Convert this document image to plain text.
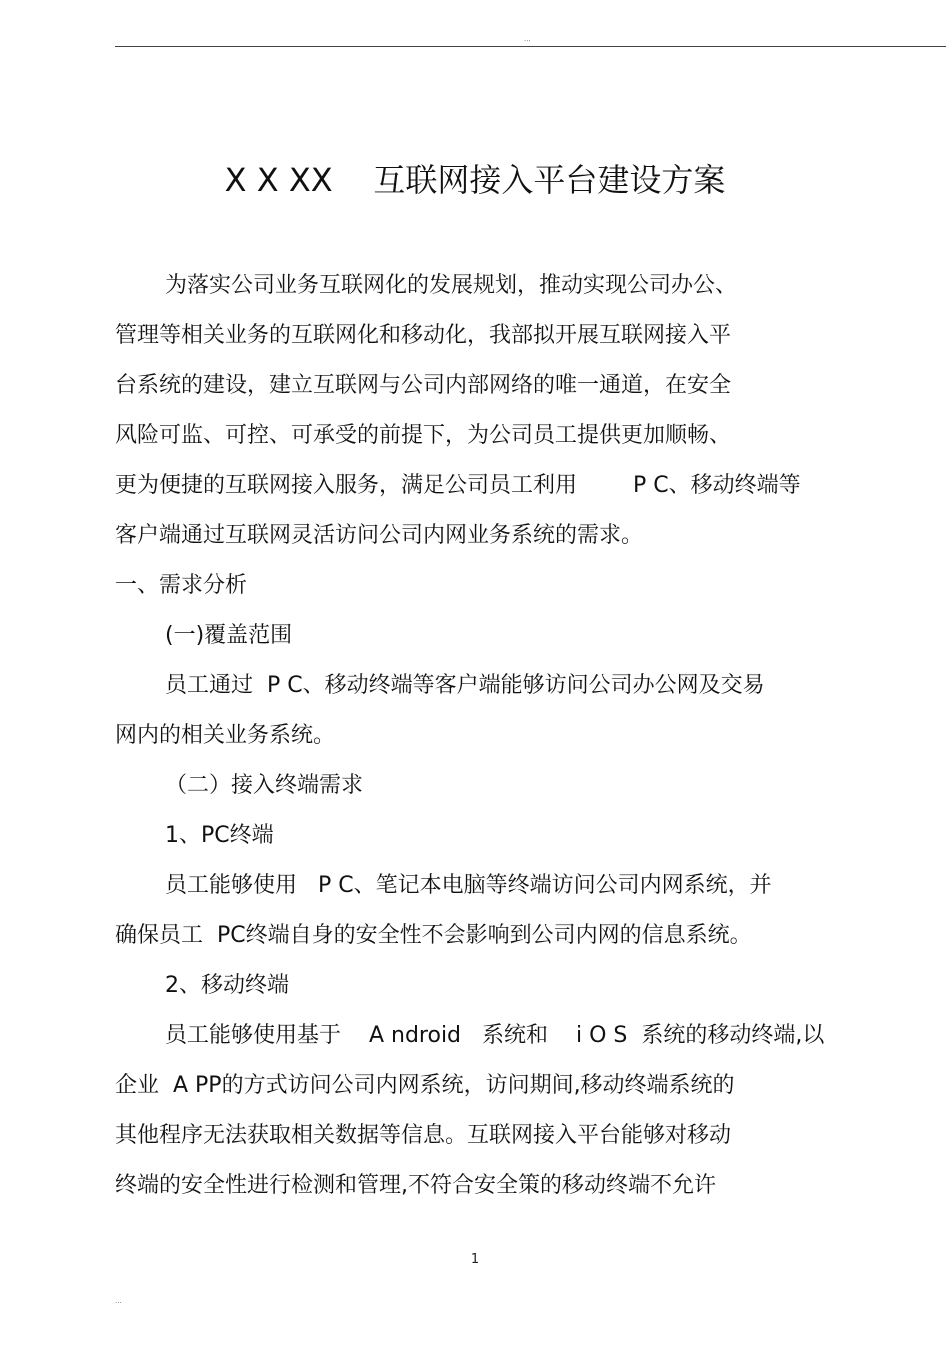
···
X X XX    互联网接入平台建设方案
为落实公司业务互联网化的发展规划，推动实现公司办公、
管理等相关业务的互联网化和移动化，我部拟开展互联网接入平
台系统的建设，建立互联网与公司内部网络的唯一通道，在安全
风险可监、可控、可承受的前提下，为公司员工提供更加顺畅、
更为便捷的互联网接入服务，满足公司员工利用        P C、移动终端等
客户端通过互联网灵活访问公司内网业务系统的需求。
一、需求分析
(一)覆盖范围
员工通过  P C、移动终端等客户端能够访问公司办公网及交易
网内的相关业务系统。
（二）接入终端需求
1、PC终端
员工能够使用   P C、笔记本电脑等终端访问公司内网系统，并
确保员工  PC终端自身的安全性不会影响到公司内网的信息系统。
2、移动终端
员工能够使用基于    A ndroid   系统和    i O S  系统的移动终端,以
企业  A PP的方式访问公司内网系统，访问期间,移动终端系统的
其他程序无法获取相关数据等信息。互联网接入平台能够对移动
终端的安全性进行检测和管理,不符合安全策的移动终端不允许
1
···
